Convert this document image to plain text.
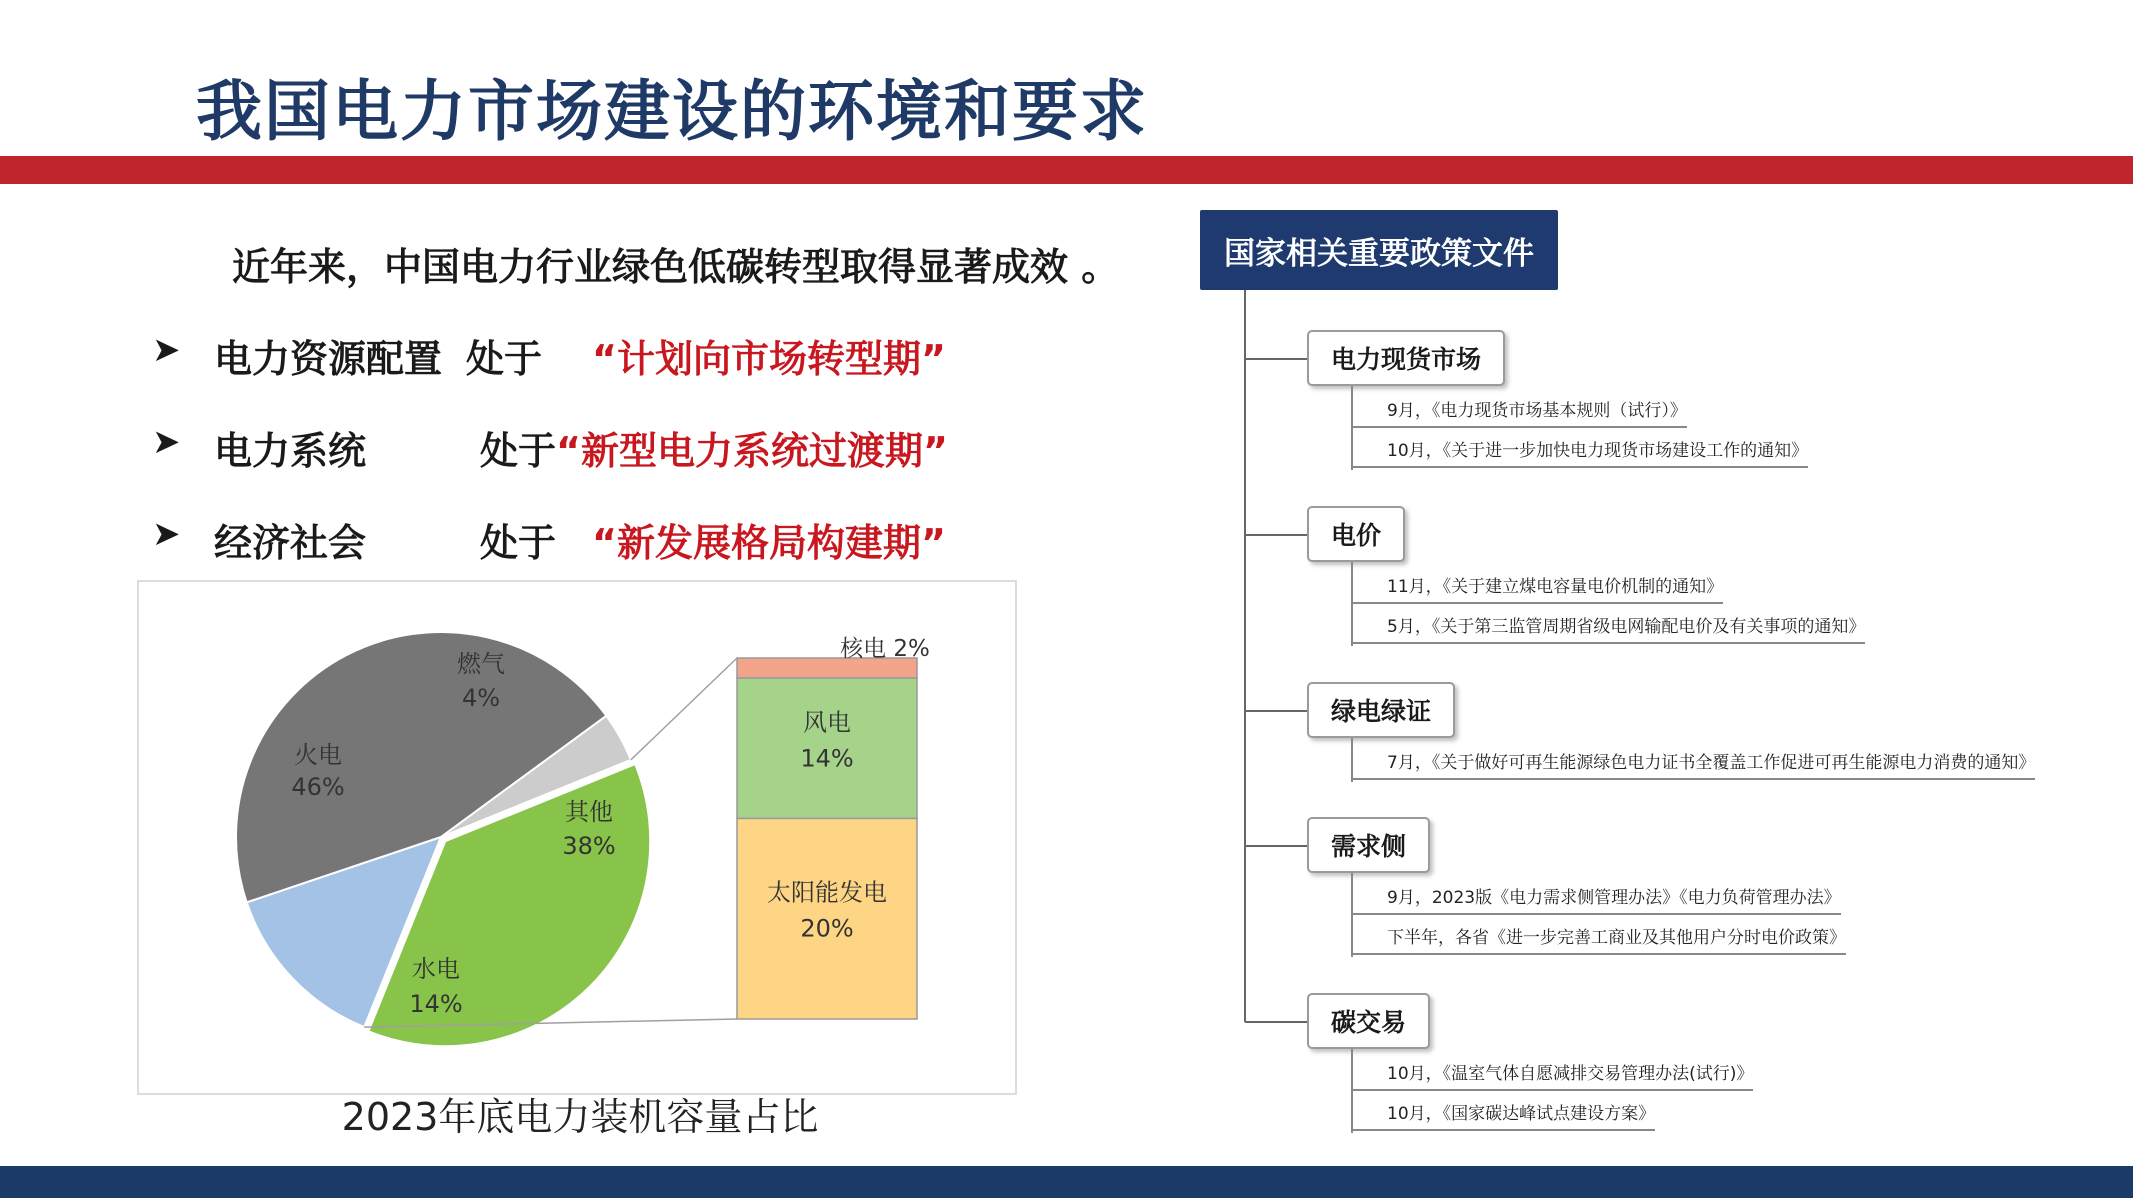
我国电力市场建设的环境和要求
近年来，中国电力行业绿色低碳转型取得显著成效 。
➤ 电力资源配置 处于 “计划向市场转型期”
➤ 电力系统	处于 “新型电力系统过渡期”
➤ 经济社会	处于 “新发展格局构建期”
火电
46%
燃气
4%
其他
38%
水电
14%
核电 2%
风电
14%
太阳能发电
20%
2023年底电力装机容量占比
国家相关重要政策文件
电力现货市场
9月，《电力现货市场基本规则（试行）》
10月，《关于进一步加快电力现货市场建设工作的通知》
电价
11月，《关于建立煤电容量电价机制的通知》
5月，《关于第三监管周期省级电网输配电价及有关事项的通知》
绿电绿证
7月，《关于做好可再生能源绿色电力证书全覆盖工作促进可再生能源电力消费的通知》
需求侧
9月，2023版《电力需求侧管理办法》《电力负荷管理办法》
下半年，各省《进一步完善工商业及其他用户分时电价政策》
碳交易
10月，《温室气体自愿减排交易管理办法(试行)》
10月，《国家碳达峰试点建设方案》
